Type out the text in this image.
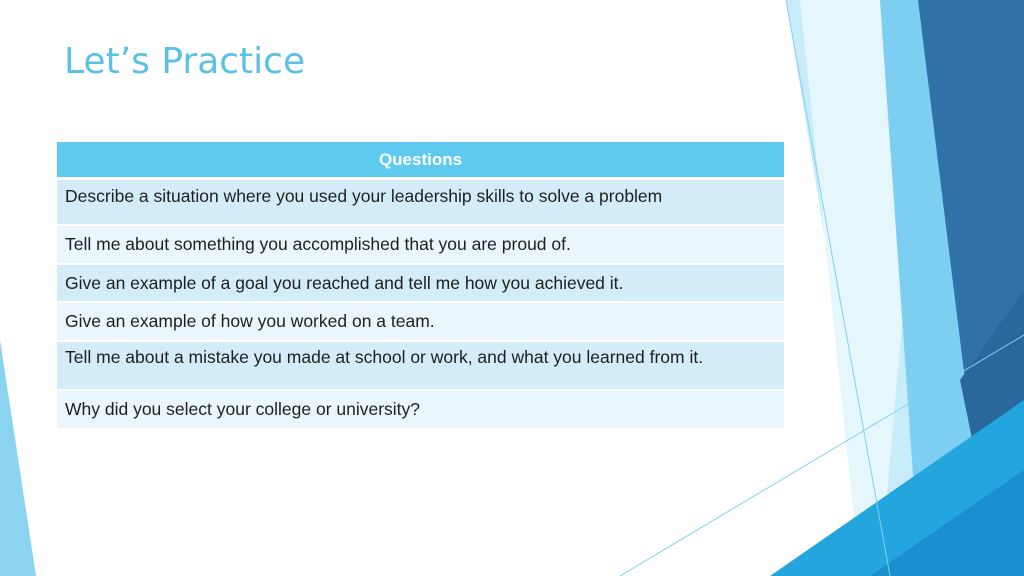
Let’s Practice
Questions
Describe a situation where you used your leadership skills to solve a problem
Tell me about something you accomplished that you are proud of.
Give an example of a goal you reached and tell me how you achieved it.
Give an example of how you worked on a team.
Tell me about a mistake you made at school or work, and what you learned from it.
Why did you select your college or university?
